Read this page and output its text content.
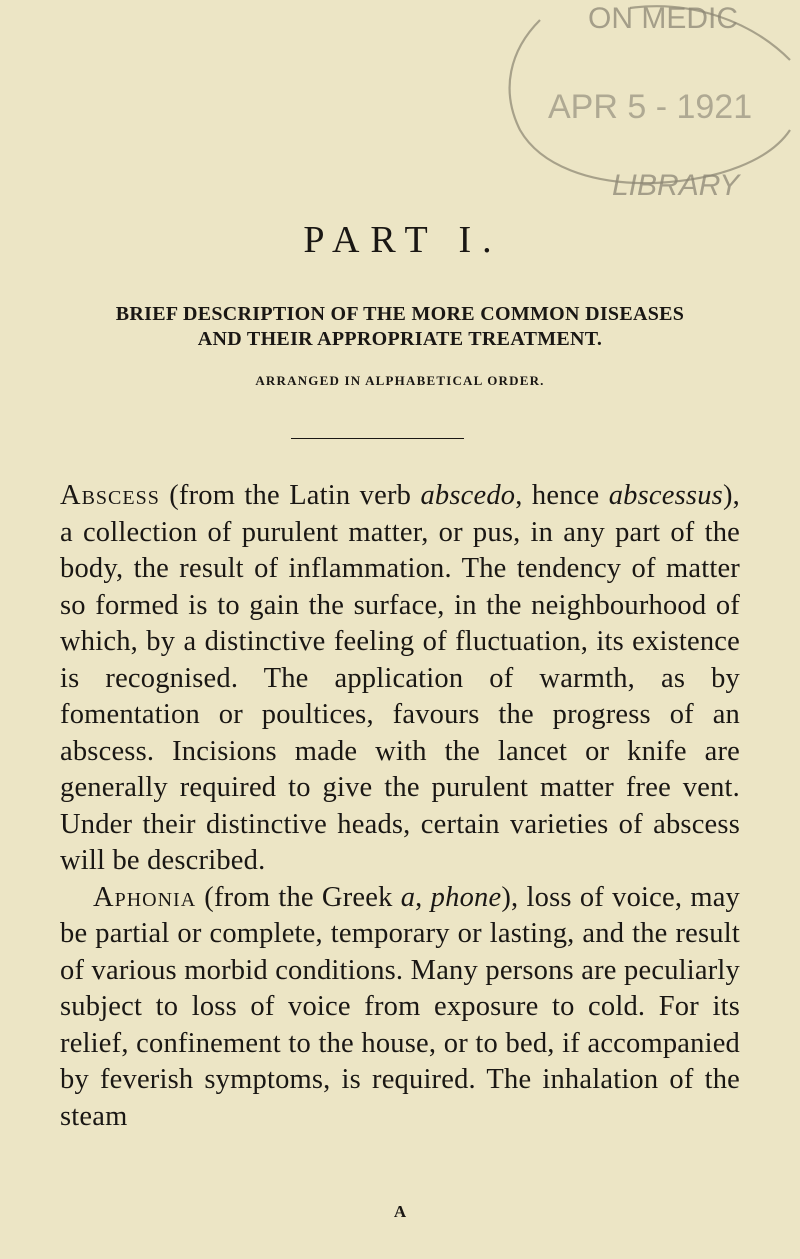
ON MEDIC
APR 5 - 1921
LIBRARY
PART I.
BRIEF DESCRIPTION OF THE MORE COMMON DISEASES
AND THEIR APPROPRIATE TREATMENT.
ARRANGED IN ALPHABETICAL ORDER.

Abscess (from the Latin verb abscedo, hence abscessus), a collection of purulent matter, or pus, in any part of the body, the result of inflammation. The tendency of matter so formed is to gain the surface, in the neighbourhood of which, by a distinctive feeling of fluctuation, its existence is recognised. The application of warmth, as by fomentation or poultices, favours the progress of an abscess. Incisions made with the lancet or knife are generally required to give the purulent matter free vent. Under their distinctive heads, certain varieties of abscess will be described.

Aphonia (from the Greek a, phone), loss of voice, may be partial or complete, temporary or lasting, and the result of various morbid conditions. Many persons are peculiarly subject to loss of voice from exposure to cold. For its relief, confinement to the house, or to bed, if accompanied by feverish symptoms, is required. The inhalation of the steam

A
